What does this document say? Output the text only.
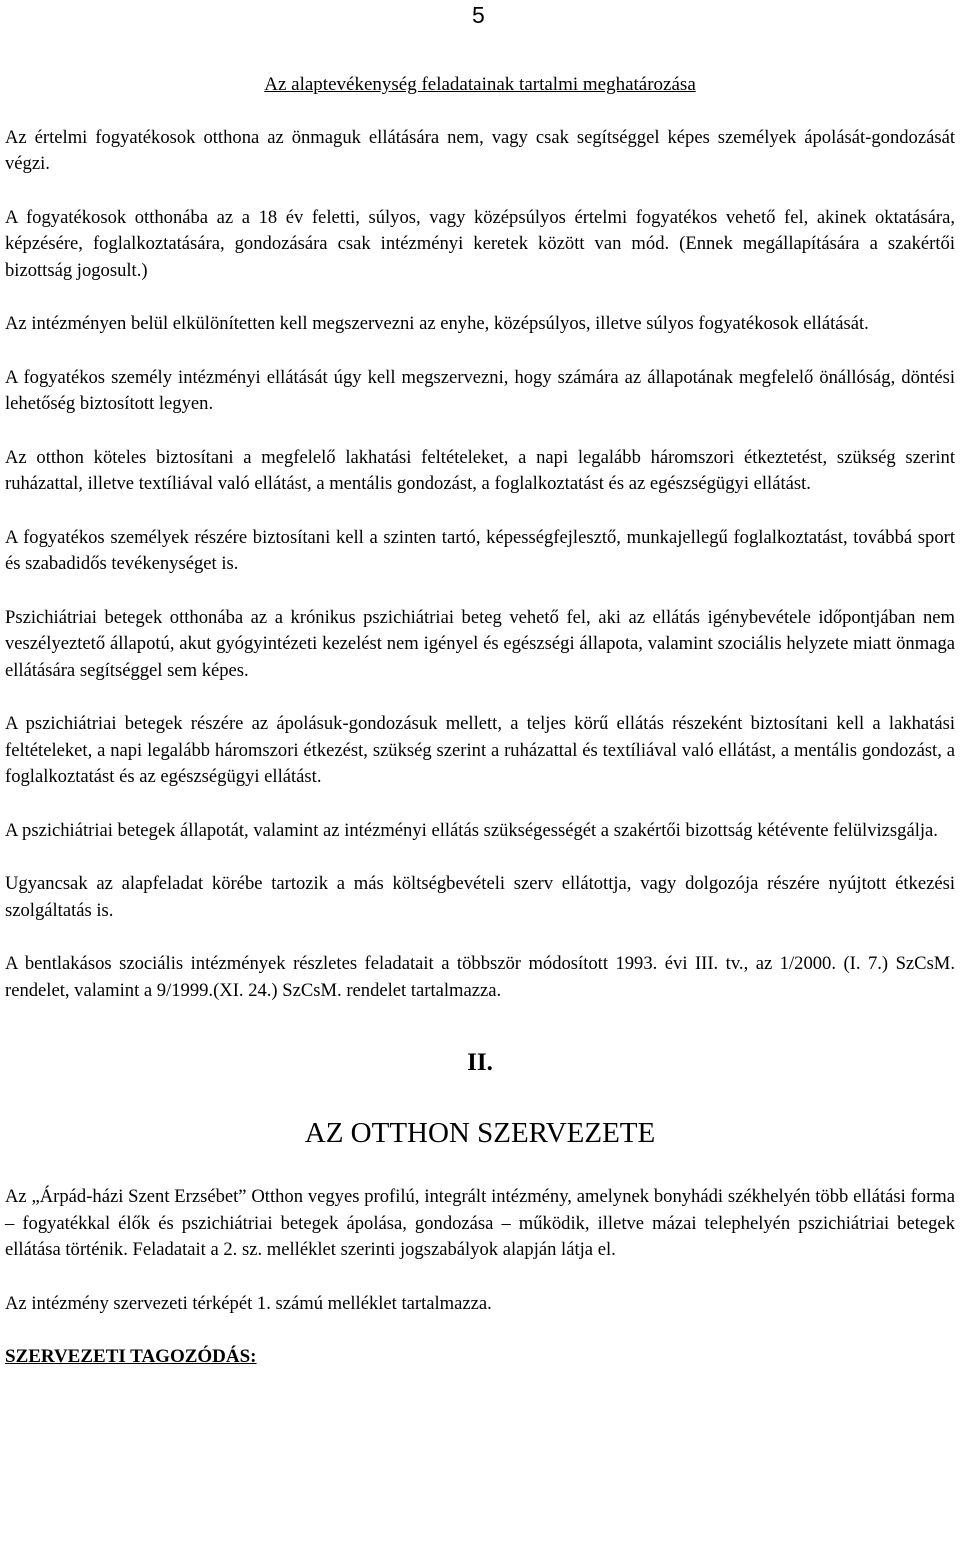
5
Az alaptevékenység feladatainak tartalmi meghatározása

Az értelmi fogyatékosok otthona az önmaguk ellátására nem, vagy csak segítséggel képes személyek ápolását-gondozását végzi.

A fogyatékosok otthonába az a 18 év feletti, súlyos, vagy középsúlyos értelmi fogyatékos vehető fel, akinek oktatására, képzésére, foglalkoztatására, gondozására csak intézményi keretek között van mód. (Ennek megállapítására a szakértői bizottság jogosult.)

Az intézményen belül elkülönítetten kell megszervezni az enyhe, középsúlyos, illetve súlyos fogyatékosok ellátását.

A fogyatékos személy intézményi ellátását úgy kell megszervezni, hogy számára az állapotának megfelelő önállóság, döntési lehetőség biztosított legyen.

Az otthon köteles biztosítani a megfelelő lakhatási feltételeket, a napi legalább háromszori étkeztetést, szükség szerint ruházattal, illetve textíliával való ellátást, a mentális gondozást, a foglalkoztatást és az egészségügyi ellátást.

A fogyatékos személyek részére biztosítani kell a szinten tartó, képességfejlesztő, munkajellegű foglalkoztatást, továbbá sport és szabadidős tevékenységet is.

Pszichiátriai betegek otthonába az a krónikus pszichiátriai beteg vehető fel, aki az ellátás igénybevétele időpontjában nem veszélyeztető állapotú, akut gyógyintézeti kezelést nem igényel és egészségi állapota, valamint szociális helyzete miatt önmaga ellátására segítséggel sem képes.

A pszichiátriai betegek részére az ápolásuk-gondozásuk mellett, a teljes körű ellátás részeként biztosítani kell a lakhatási feltételeket, a napi legalább háromszori étkezést, szükség szerint a ruházattal és textíliával való ellátást, a mentális gondozást, a foglalkoztatást és az egészségügyi ellátást.

A pszichiátriai betegek állapotát, valamint az intézményi ellátás szükségességét a szakértői bizottság kétévente felülvizsgálja.

Ugyancsak az alapfeladat körébe tartozik a más költségbevételi szerv ellátottja, vagy dolgozója részére nyújtott étkezési szolgáltatás is.

A bentlakásos szociális intézmények részletes feladatait a többször módosított 1993. évi III. tv., az 1/2000. (I. 7.) SzCsM. rendelet, valamint a 9/1999.(XI. 24.) SzCsM. rendelet tartalmazza.

II.
AZ OTTHON SZERVEZETE

Az „Árpád-házi Szent Erzsébet” Otthon vegyes profilú, integrált intézmény, amelynek bonyhádi székhelyén több ellátási forma – fogyatékkal élők és pszichiátriai betegek ápolása, gondozása – működik, illetve mázai telephelyén pszichiátriai betegek ellátása történik. Feladatait a 2. sz. melléklet szerinti jogszabályok alapján látja el.

Az intézmény szervezeti térképét 1. számú melléklet tartalmazza.

SZERVEZETI TAGOZÓDÁS:
